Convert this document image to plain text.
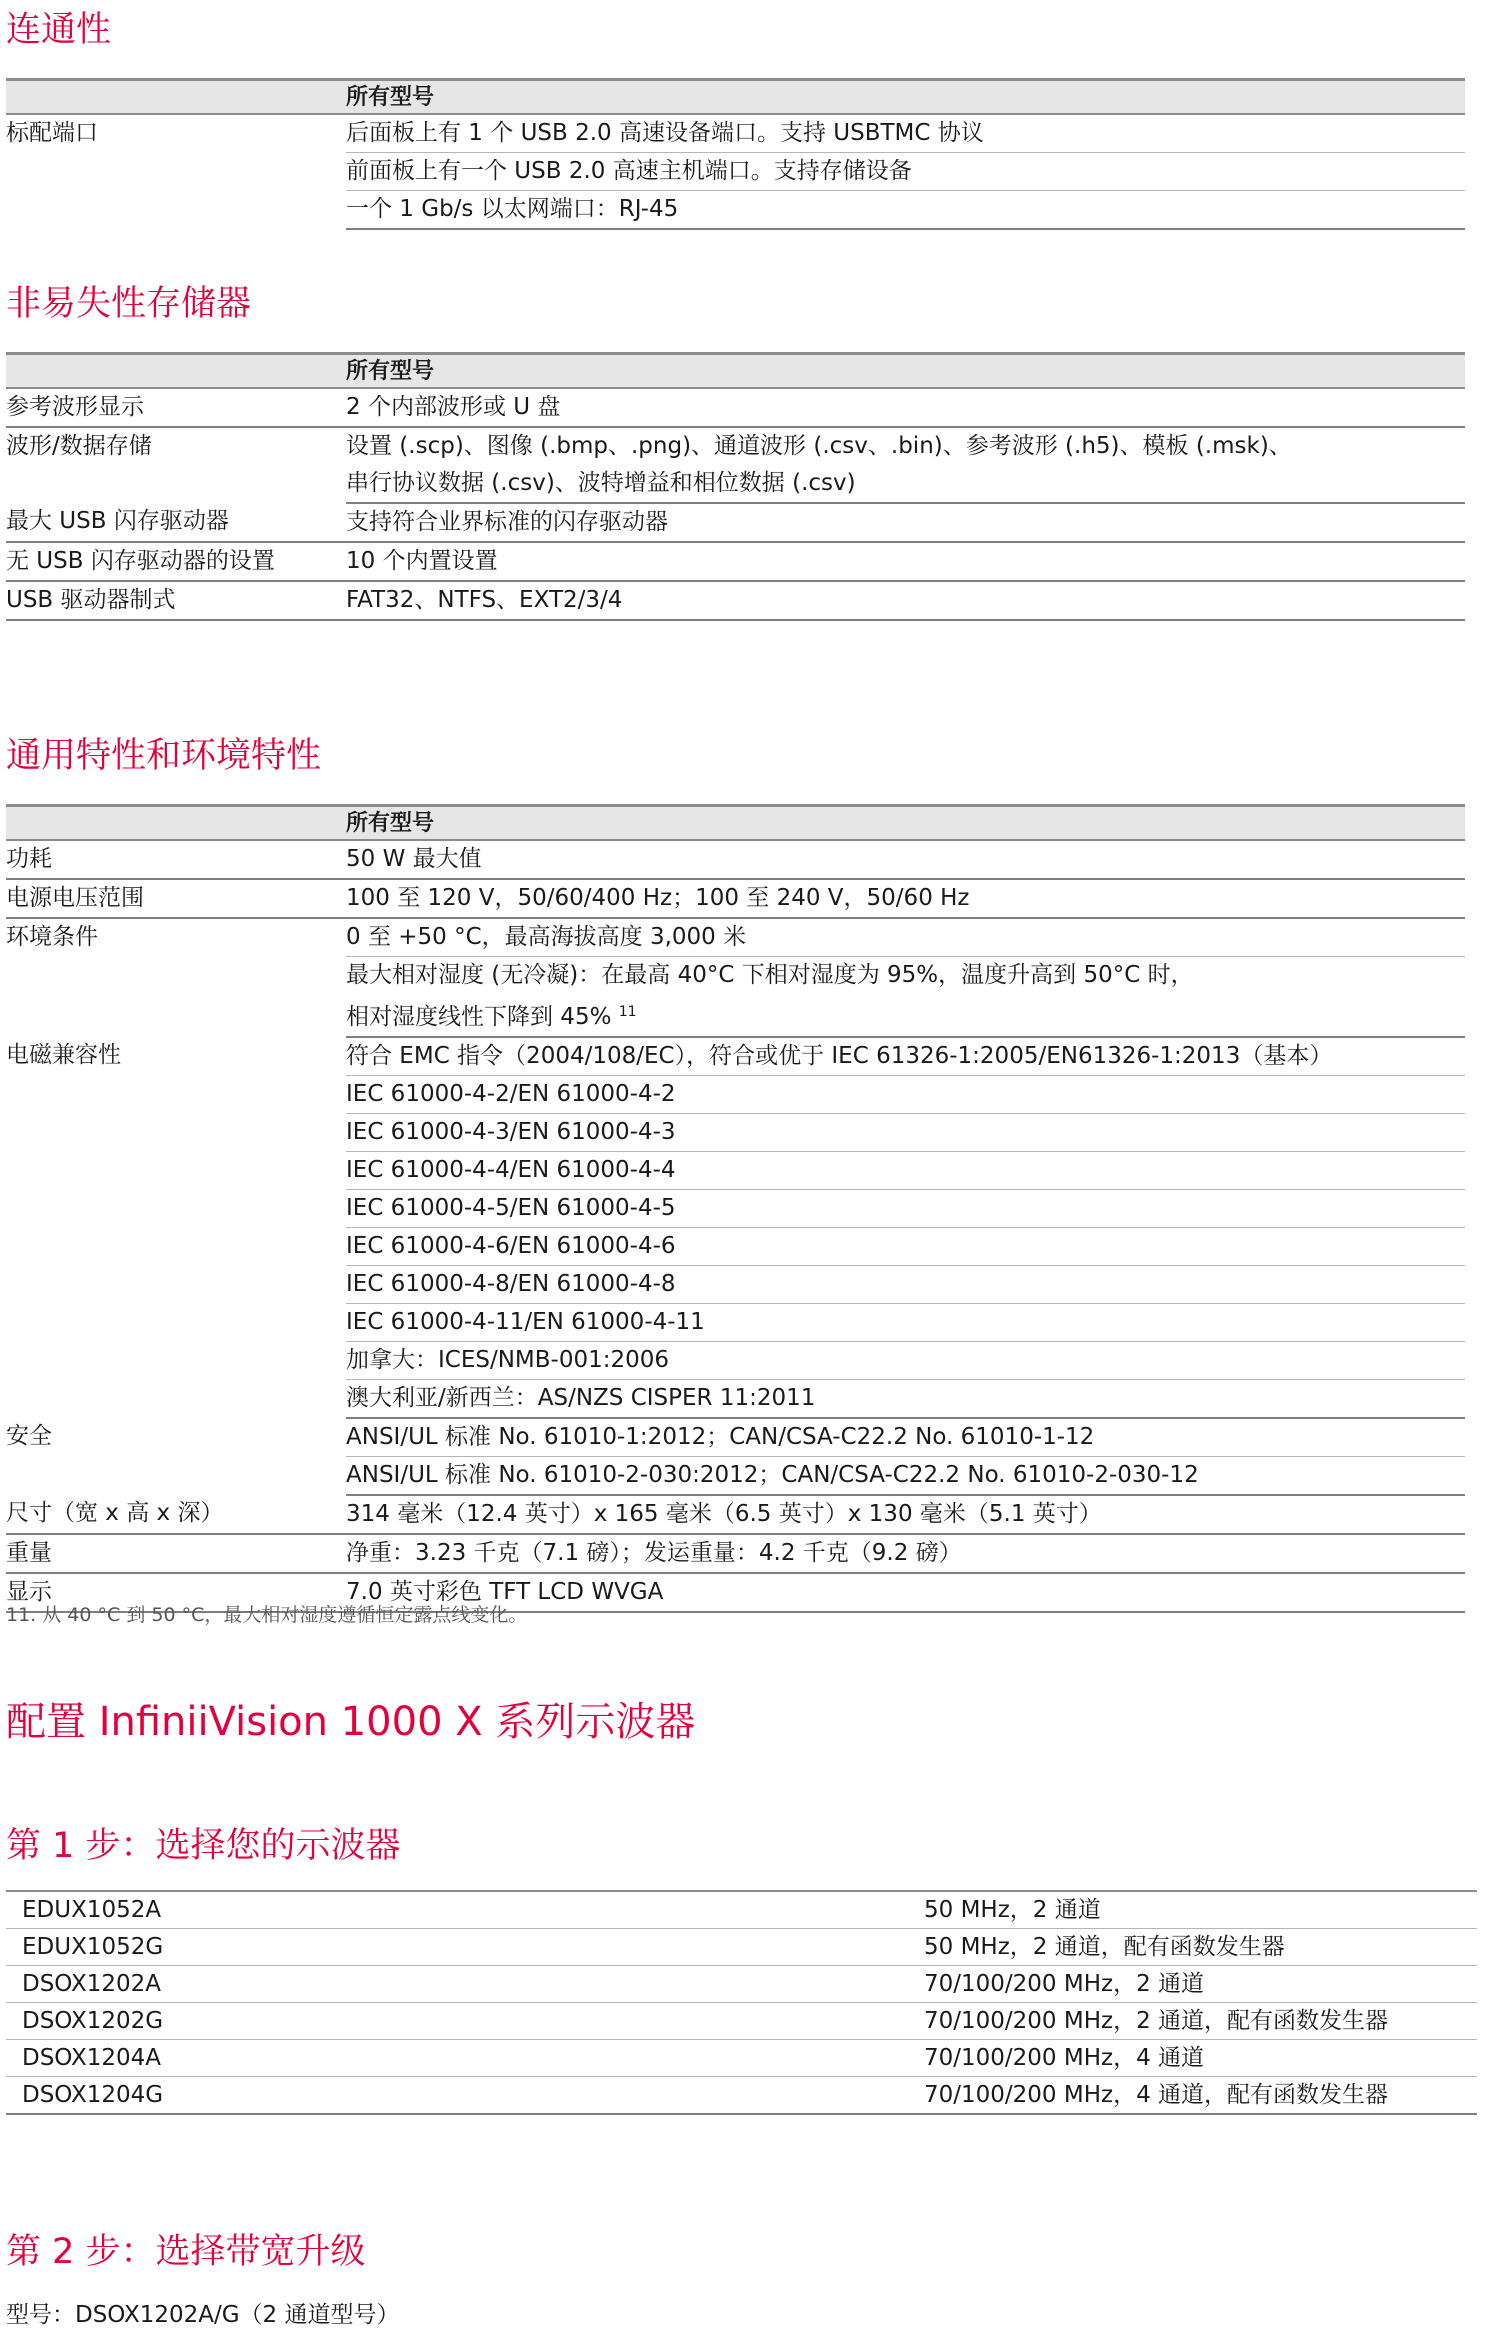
连通性
所有型号
标配端口	后面板上有 1 个 USB 2.0 高速设备端口。支持 USBTMC 协议
前面板上有一个 USB 2.0 高速主机端口。支持存储设备
一个 1 Gb/s 以太网端口：RJ-45
非易失性存储器
所有型号	
参考波形显示	2 个内部波形或 U 盘
波形/数据存储	设置 (.scp)、图像 (.bmp、.png)、通道波形 (.csv、.bin)、参考波形 (.h5)、模板 (.msk)、
	串行协议数据 (.csv)、波特增益和相位数据 (.csv)
最大 USB 闪存驱动器	支持符合业界标准的闪存驱动器
无 USB 闪存驱动器的设置	10 个内置设置
USB 驱动器制式	FAT32、NTFS、EXT2/3/4
通用特性和环境特性
所有型号	
功耗	50 W 最大值
电源电压范围	100 至 120 V，50/60/400 Hz；100 至 240 V，50/60 Hz
环境条件	0 至 +50 °C，最高海拔高度 3,000 米
	最大相对湿度 (无冷凝)：在最高 40°C 下相对湿度为 95%，温度升高到 50°C 时，
	相对湿度线性下降到 45% $^{11}$
电磁兼容性	符合 EMC 指令（2004/108/EC），符合或优于 IEC 61326-1:2005/EN61326-1:2013（基本）
	IEC 61000-4-2/EN 61000-4-2
	IEC 61000-4-3/EN 61000-4-3
	IEC 61000-4-4/EN 61000-4-4
	IEC 61000-4-5/EN 61000-4-5
	IEC 61000-4-6/EN 61000-4-6
	IEC 61000-4-8/EN 61000-4-8
	IEC 61000-4-11/EN 61000-4-11
	加拿大：ICES/NMB-001:2006
	澳大利亚/新西兰：AS/NZS CISPER 11:2011
安全	ANSI/UL 标准 No. 61010-1:2012；CAN/CSA-C22.2 No. 61010-1-12
	ANSI/UL 标准 No. 61010-2-030:2012；CAN/CSA-C22.2 No. 61010-2-030-12
尺寸（宽 x 高 x 深）	314 毫米（12.4 英寸）x 165 毫米（6.5 英寸）x 130 毫米（5.1 英寸）
重量	净重：3.23 千克（7.1 磅）；发运重量：4.2 千克（9.2 磅）
显示	7.0 英寸彩色 TFT LCD WVGA

11. 从 40 °C 到 50 °C，最大相对湿度遵循恒定露点线变化。

配置 InfiniiVision 1000 X 系列示波器
第 1 步：选择您的示波器
EDUX1052A	50 MHz，2 通道
EDUX1052G	50 MHz，2 通道，配有函数发生器
DSOX1202A	70/100/200 MHz，2 通道
DSOX1202G	70/100/200 MHz，2 通道，配有函数发生器
DSOX1204A	70/100/200 MHz，4 通道
DSOX1204G	70/100/200 MHz，4 通道，配有函数发生器
第 2 步：选择带宽升级

型号：DSOX1202A/G（2 通道型号）
